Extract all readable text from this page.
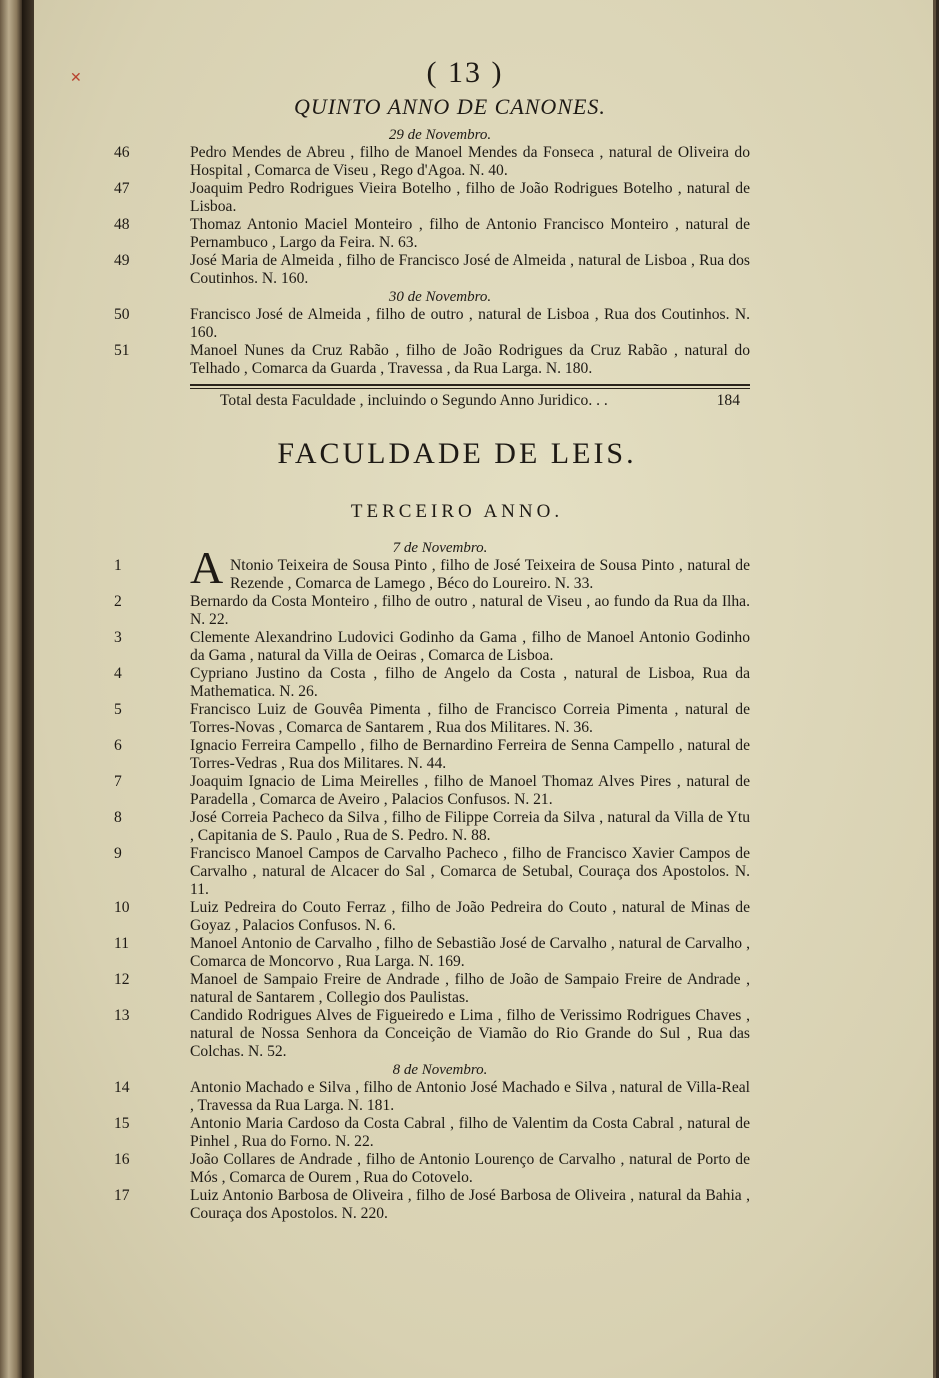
✕	( 13 )
QUINTO ANNO DE CANONES.
29 de Novembro.
46	Pedro Mendes de Abreu , filho de Manoel Mendes da Fonseca , natural de Oliveira do Hospital , Comarca de Viseu , Rego d'Agoa. N. 40.
47	Joaquim Pedro Rodrigues Vieira Botelho , filho de João Rodrigues Botelho , natural de Lisboa.
48	Thomaz Antonio Maciel Monteiro , filho de Antonio Francisco Monteiro , natural de Pernambuco , Largo da Feira. N. 63.
49	José Maria de Almeida , filho de Francisco José de Almeida , natural de Lisboa , Rua dos Coutinhos. N. 160.
30 de Novembro.
50	Francisco José de Almeida , filho de outro , natural de Lisboa , Rua dos Coutinhos. N. 160.
51	Manoel Nunes da Cruz Rabão , filho de João Rodrigues da Cruz Rabão , natural do Telhado , Comarca da Guarda , Travessa , da Rua Larga. N. 180.
Total desta Faculdade , incluindo o Segundo Anno Juridico. . .	184
FACULDADE DE LEIS.
TERCEIRO ANNO.
7 de Novembro.
A
1	Ntonio Teixeira de Sousa Pinto , filho de José Teixeira de Sousa Pinto , natural de Rezende , Comarca de Lamego , Béco do Loureiro. N. 33.
2	Bernardo da Costa Monteiro , filho de outro , natural de Viseu , ao fundo da Rua da Ilha. N. 22.
3	Clemente Alexandrino Ludovici Godinho da Gama , filho de Manoel Antonio Godinho da Gama , natural da Villa de Oeiras , Comarca de Lisboa.
4	Cypriano Justino da Costa , filho de Angelo da Costa , natural de Lisboa, Rua da Mathematica. N. 26.
5	Francisco Luiz de Gouvêa Pimenta , filho de Francisco Correia Pimenta , natural de Torres-Novas , Comarca de Santarem , Rua dos Militares. N. 36.
6	Ignacio Ferreira Campello , filho de Bernardino Ferreira de Senna Campello , natural de Torres-Vedras , Rua dos Militares. N. 44.
7	Joaquim Ignacio de Lima Meirelles , filho de Manoel Thomaz Alves Pires , natural de Paradella , Comarca de Aveiro , Palacios Confusos. N. 21.
8	José Correia Pacheco da Silva , filho de Filippe Correia da Silva , natural da Villa de Ytu , Capitania de S. Paulo , Rua de S. Pedro. N. 88.
9	Francisco Manoel Campos de Carvalho Pacheco , filho de Francisco Xavier Campos de Carvalho , natural de Alcacer do Sal , Comarca de Setubal, Couraça dos Apostolos. N. 11.
10	Luiz Pedreira do Couto Ferraz , filho de João Pedreira do Couto , natural de Minas de Goyaz , Palacios Confusos. N. 6.
11	Manoel Antonio de Carvalho , filho de Sebastião José de Carvalho , natural de Carvalho , Comarca de Moncorvo , Rua Larga. N. 169.
12	Manoel de Sampaio Freire de Andrade , filho de João de Sampaio Freire de Andrade , natural de Santarem , Collegio dos Paulistas.
13	Candido Rodrigues Alves de Figueiredo e Lima , filho de Verissimo Rodrigues Chaves , natural de Nossa Senhora da Conceição de Viamão do Rio Grande do Sul , Rua das Colchas. N. 52.
8 de Novembro.
14	Antonio Machado e Silva , filho de Antonio José Machado e Silva , natural de Villa-Real , Travessa da Rua Larga. N. 181.
15	Antonio Maria Cardoso da Costa Cabral , filho de Valentim da Costa Cabral , natural de Pinhel , Rua do Forno. N. 22.
16	João Collares de Andrade , filho de Antonio Lourenço de Carvalho , natural de Porto de Mós , Comarca de Ourem , Rua do Cotovelo.
17	Luiz Antonio Barbosa de Oliveira , filho de José Barbosa de Oliveira , natural da Bahia , Couraça dos Apostolos. N. 220.
